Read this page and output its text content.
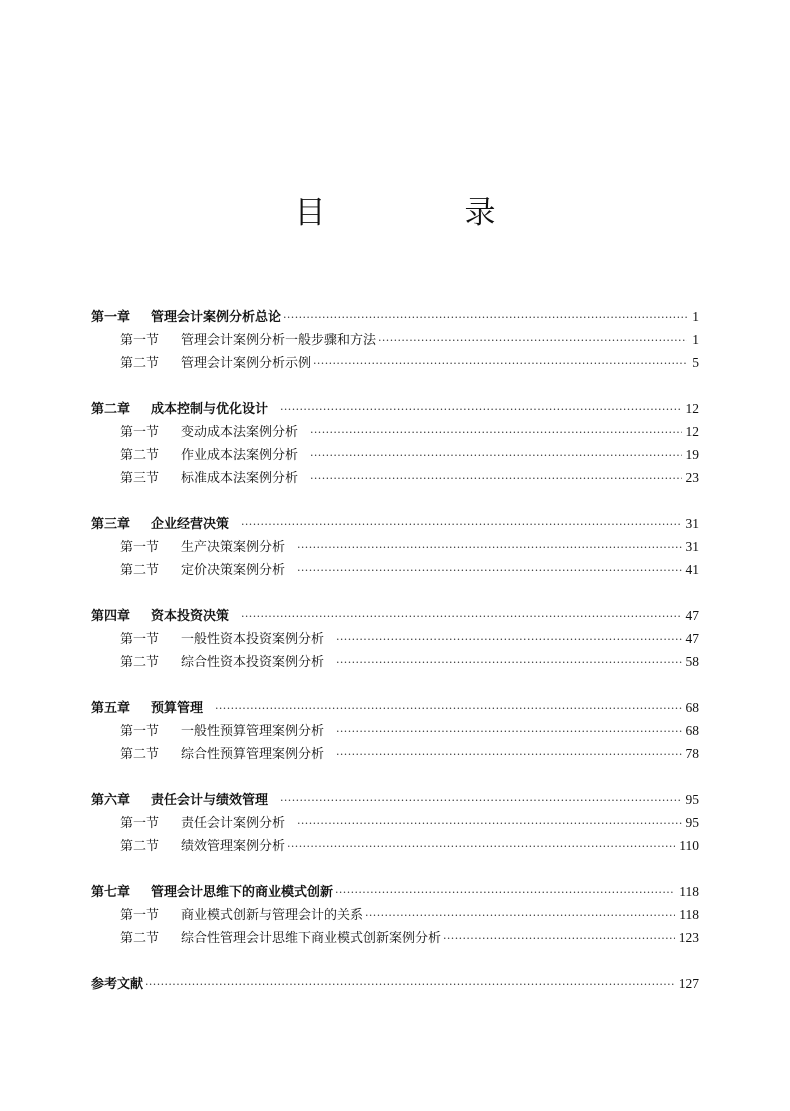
目　录
第一章	管理会计案例分析总论 ·····	1
第一节	管理会计案例分析一般步骤和方法 ·····	1
第二节	管理会计案例分析示例 ·····	5
第二章	成本控制与优化设计 ·····	12
第一节	变动成本法案例分析 ·····	12
第二节	作业成本法案例分析 ·····	19
第三节	标准成本法案例分析 ·····	23
第三章	企业经营决策 ·····	31
第一节	生产决策案例分析 ·····	31
第二节	定价决策案例分析 ·····	41
第四章	资本投资决策 ·····	47
第一节	一般性资本投资案例分析 ·····	47
第二节	综合性资本投资案例分析 ·····	58
第五章	预算管理 ·····	68
第一节	一般性预算管理案例分析 ·····	68
第二节	综合性预算管理案例分析 ·····	78
第六章	责任会计与绩效管理 ·····	95
第一节	责任会计案例分析 ·····	95
第二节	绩效管理案例分析 ·····	110
第七章	管理会计思维下的商业模式创新 ·····	118
第一节	商业模式创新与管理会计的关系 ·····	118
第二节	综合性管理会计思维下商业模式创新案例分析 ·····	123
参考文献 ·····	127
